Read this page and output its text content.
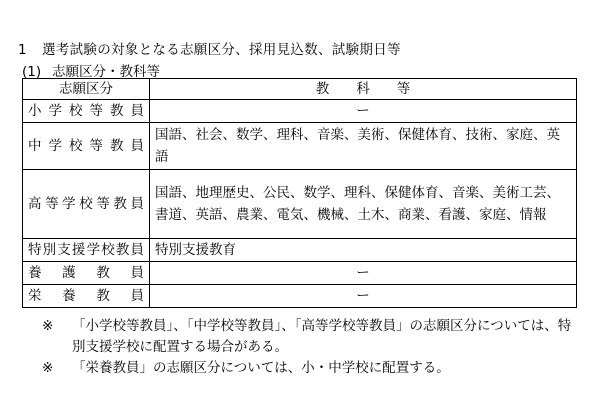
1 選考試験の対象となる志願区分、採用見込数、試験期日等
(1) 志願区分・教科等
志願区分	教　　科　　等

小学校等教員	ー

中学校等教員	国語、社会、数学、理科、音楽、美術、保健体育、技術、家庭、英語

高等学校等教員	国語、地理歴史、公民、数学、理科、保健体育、音楽、美術工芸、書道、英語、農業、電気、機械、土木、商業、看護、家庭、情報

特別支援学校教員	特別支援教育

養護教員	ー

栄養教員	ー
※	「小学校等教員」、「中学校等教員」、「高等学校等教員」の志願区分については、特別支援学校に配置する場合がある。
※	「栄養教員」の志願区分については、小・中学校に配置する。
